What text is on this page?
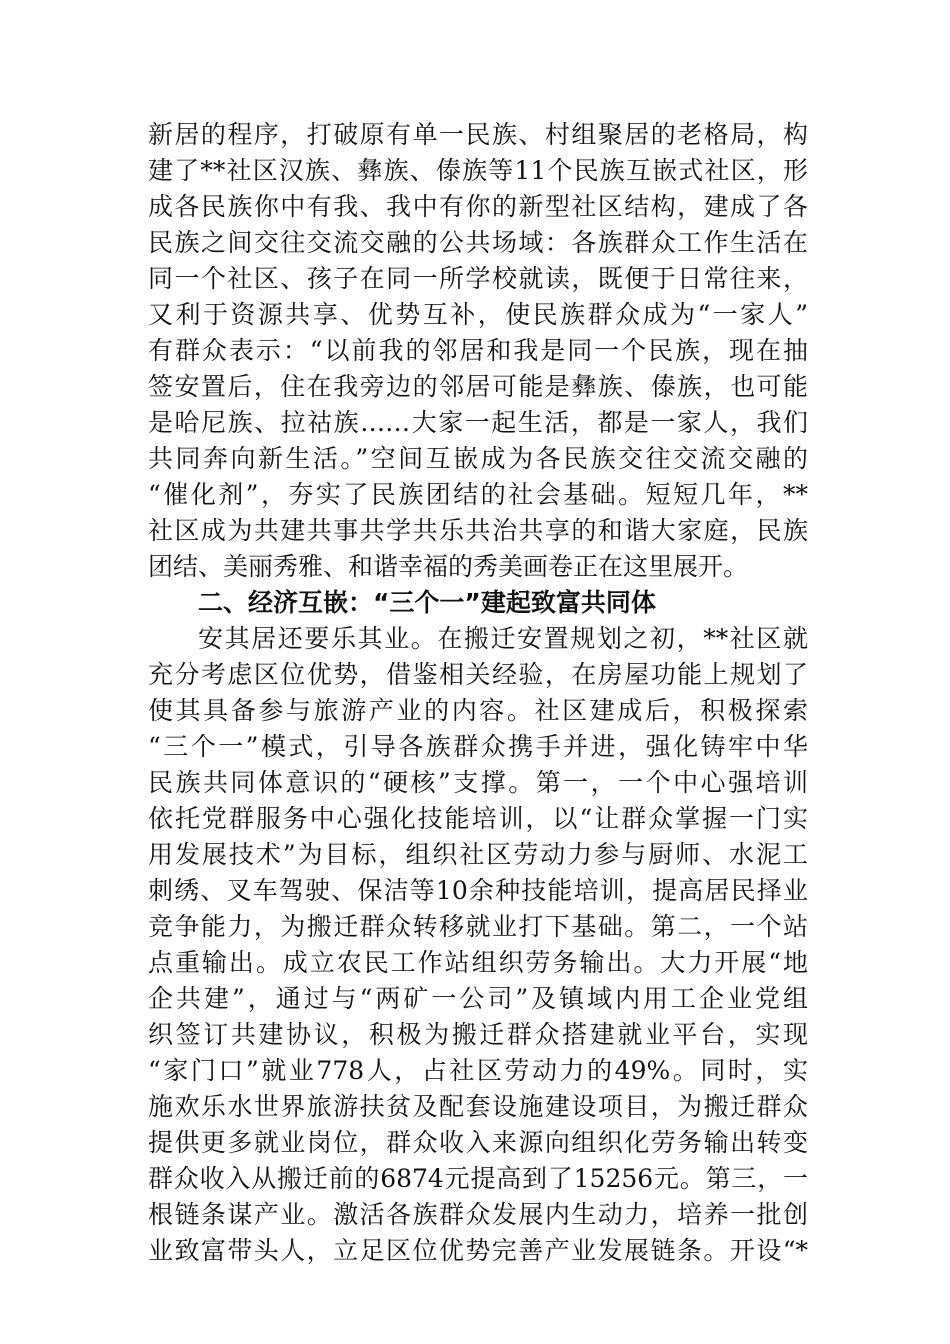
新居的程序，打破原有单一民族、村组聚居的老格局，构
建了**社区汉族、彝族、傣族等11个民族互嵌式社区，形
成各民族你中有我、我中有你的新型社区结构，建成了各
民族之间交往交流交融的公共场域：各族群众工作生活在
同一个社区、孩子在同一所学校就读，既便于日常往来，
又利于资源共享、优势互补，使民族群众成为“一家人”
有群众表示：“以前我的邻居和我是同一个民族，现在抽
签安置后，住在我旁边的邻居可能是彝族、傣族，也可能
是哈尼族、拉祜族……大家一起生活，都是一家人，我们
共同奔向新生活。”空间互嵌成为各民族交往交流交融的
“催化剂”，夯实了民族团结的社会基础。短短几年，**
社区成为共建共事共学共乐共治共享的和谐大家庭，民族
团结、美丽秀雅、和谐幸福的秀美画卷正在这里展开。
二、经济互嵌：“三个一”建起致富共同体
安其居还要乐其业。在搬迁安置规划之初，**社区就
充分考虑区位优势，借鉴相关经验，在房屋功能上规划了
使其具备参与旅游产业的内容。社区建成后，积极探索
“三个一”模式，引导各族群众携手并进，强化铸牢中华
民族共同体意识的“硬核”支撑。第一，一个中心强培训
依托党群服务中心强化技能培训，以“让群众掌握一门实
用发展技术”为目标，组织社区劳动力参与厨师、水泥工
刺绣、叉车驾驶、保洁等10余种技能培训，提高居民择业
竞争能力，为搬迁群众转移就业打下基础。第二，一个站
点重输出。成立农民工作站组织劳务输出。大力开展“地
企共建”，通过与“两矿一公司”及镇域内用工企业党组
织签订共建协议，积极为搬迁群众搭建就业平台，实现
“家门口”就业778人，占社区劳动力的49%。同时，实
施欢乐水世界旅游扶贫及配套设施建设项目，为搬迁群众
提供更多就业岗位，群众收入来源向组织化劳务输出转变
群众收入从搬迁前的6874元提高到了15256元。第三，一
根链条谋产业。激活各族群众发展内生动力，培养一批创
业致富带头人，立足区位优势完善产业发展链条。开设“*
